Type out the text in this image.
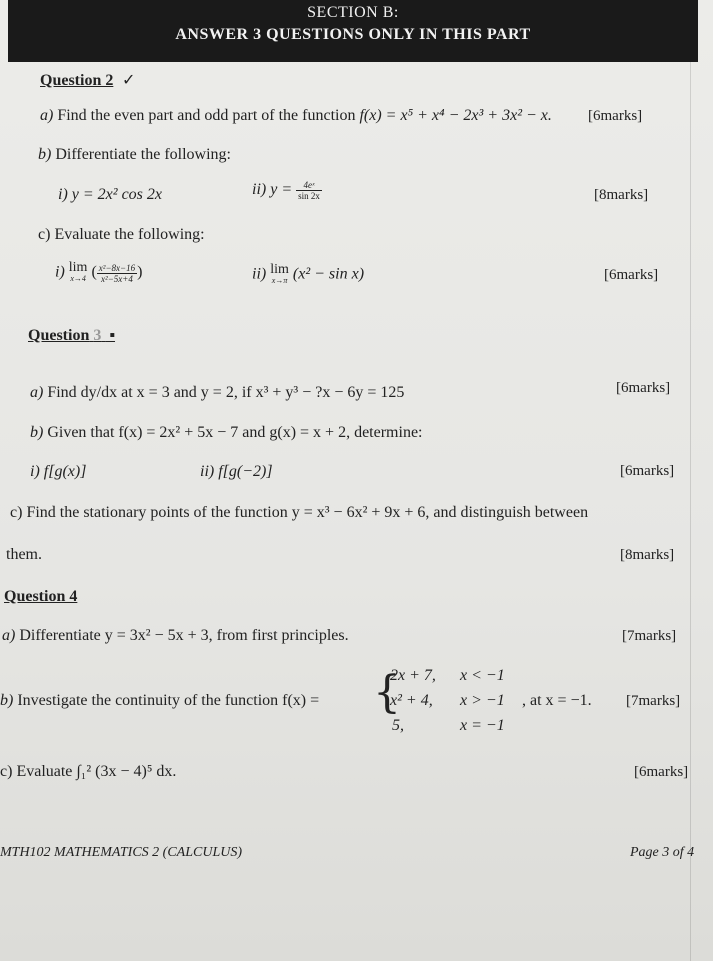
SECTION B:
ANSWER 3 QUESTIONS ONLY IN THIS PART
Question 2 ✓
a) Find the even part and odd part of the function f(x) = x⁵ + x⁴ − 2x³ + 3x² − x. [6marks]
b) Differentiate the following:
i) y = 2x² cos 2x	ii) $y = \frac{\text{4eˣ}}{\sin 2x}$	[8marks]
c) Evaluate the following:
i) lim
x→4 ( $\frac{\text{x²−8x−16}}{\text{x²−5x+4}}$ )	ii) lim
x→π (x² − sin x)	[6marks]
Question 3  ▪
a) Find dy/dx at x = 3 and y = 2, if x³ + y³ − ?x − 6y = 125	[6marks]
b) Given that f(x) = 2x² + 5x − 7 and g(x) = x + 2, determine:
i) f[g(x)]	ii) f[g(−2)]	[6marks]
c) Find the stationary points of the function y = x³ − 6x² + 9x + 6, and distinguish between
them.	[8marks]
Question 4
a) Differentiate y = 3x² − 5x + 3, from first principles.	[7marks]
2x + 7, x < −1
b) Investigate the continuity of the function f(x) = {
x² + 4, x > −1 , at x = −1. [7marks]
5,	x = −1
c) Evaluate ∫₁² (3x − 4)⁵ dx.	[6marks]
MTH102 MATHEMATICS 2 (CALCULUS)	Page 3 of 4
